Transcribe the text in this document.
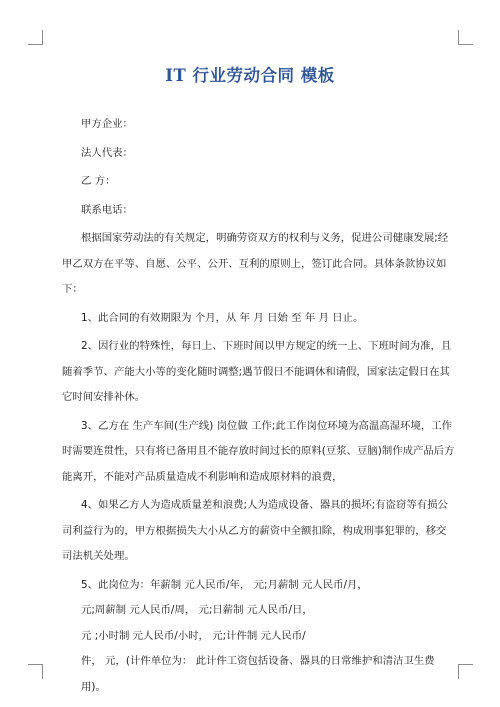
IT 行业劳动合同 模板

甲方企业：

法人代表：

乙 方：

联系电话：

根据国家劳动法的有关规定，明确劳资双方的权利与义务，促进公司健康发展;经甲乙双方在平等、自愿、公平、公开、互利的原则上，签订此合同。具体条款协议如下：

1、此合同的有效期限为 个月，从 年 月 日始 至 年 月 日止。

2、因行业的特殊性，每日上、下班时间以甲方规定的统一上、下班时间为准，且随着季节、产能大小等的变化随时调整;遇节假日不能调休和请假，国家法定假日在其它时间安排补休。

3、乙方在 生产车间(生产线) 岗位做 工作;此工作岗位环境为高温高湿环境，工作时需要连贯性，只有将已备用且不能存放时间过长的原料(豆浆、豆脑)制作成产品后方能离开，不能对产品质量造成不利影响和造成原材料的浪费，

4、如果乙方人为造成质量差和浪费;人为造成设备、器具的损坏;有盗窃等有损公司利益行为的，甲方根据损失大小从乙方的薪资中全额扣除，构成刑事犯罪的，移交司法机关处理。

5、此岗位为：年薪制 元人民币/年， 元;月薪制 元人民币/月，

元;周薪制 元人民币/周， 元;日薪制 元人民币/日，

元 ;小时制 元人民币/小时， 元;计件制 元人民币/

件， 元，(计件单位为： 此计件工资包括设备、器具的日常维护和清洁卫生费用)。
